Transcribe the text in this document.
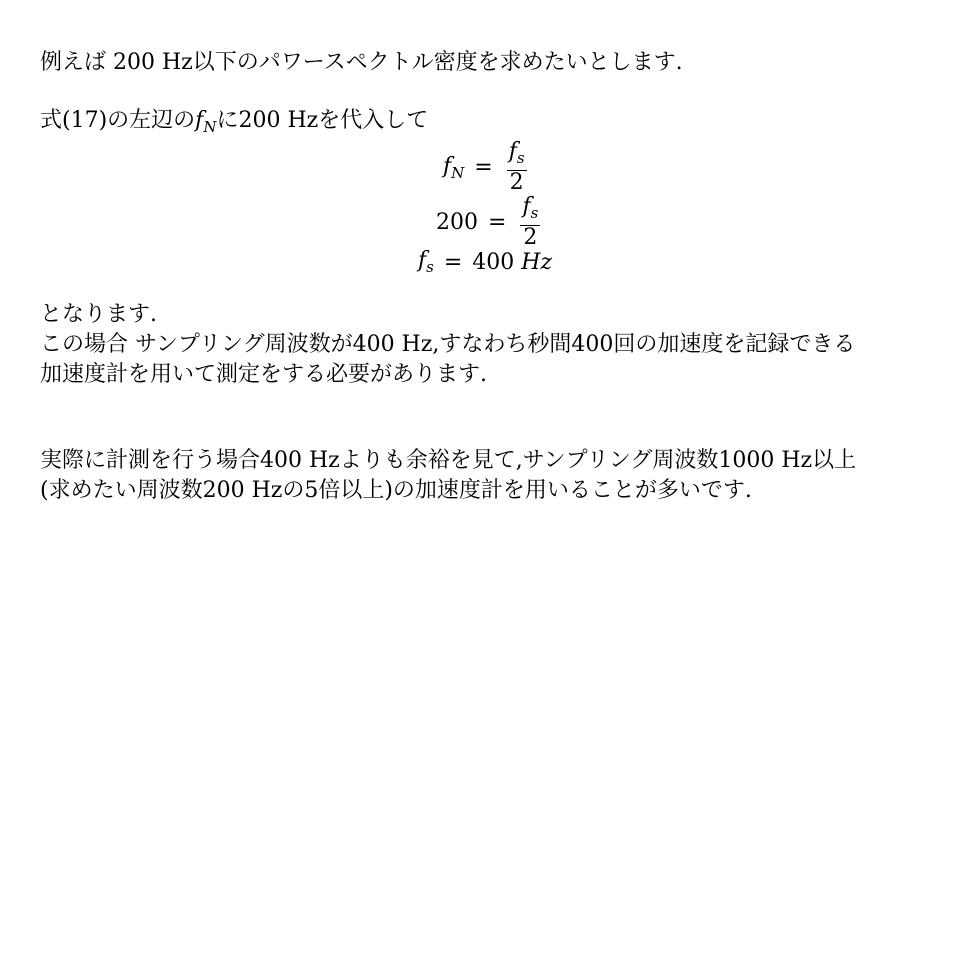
例えば 200 Hz以下のパワースペクトル密度を求めたいとします.
式(17)の左辺の$f_N$に200 Hzを代入して
$f_N = \frac{f_s}{2}$
$200 = \frac{f_s}{2}$
$f_s = 400$
Hz
となります.
この場合 サンプリング周波数が400 Hz,すなわち秒間400回の加速度を記録できる
加速度計を用いて測定をする必要があります.
実際に計測を行う場合400 Hzよりも余裕を見て,サンプリング周波数1000 Hz以上
(求めたい周波数200 Hzの5倍以上)の加速度計を用いることが多いです.
